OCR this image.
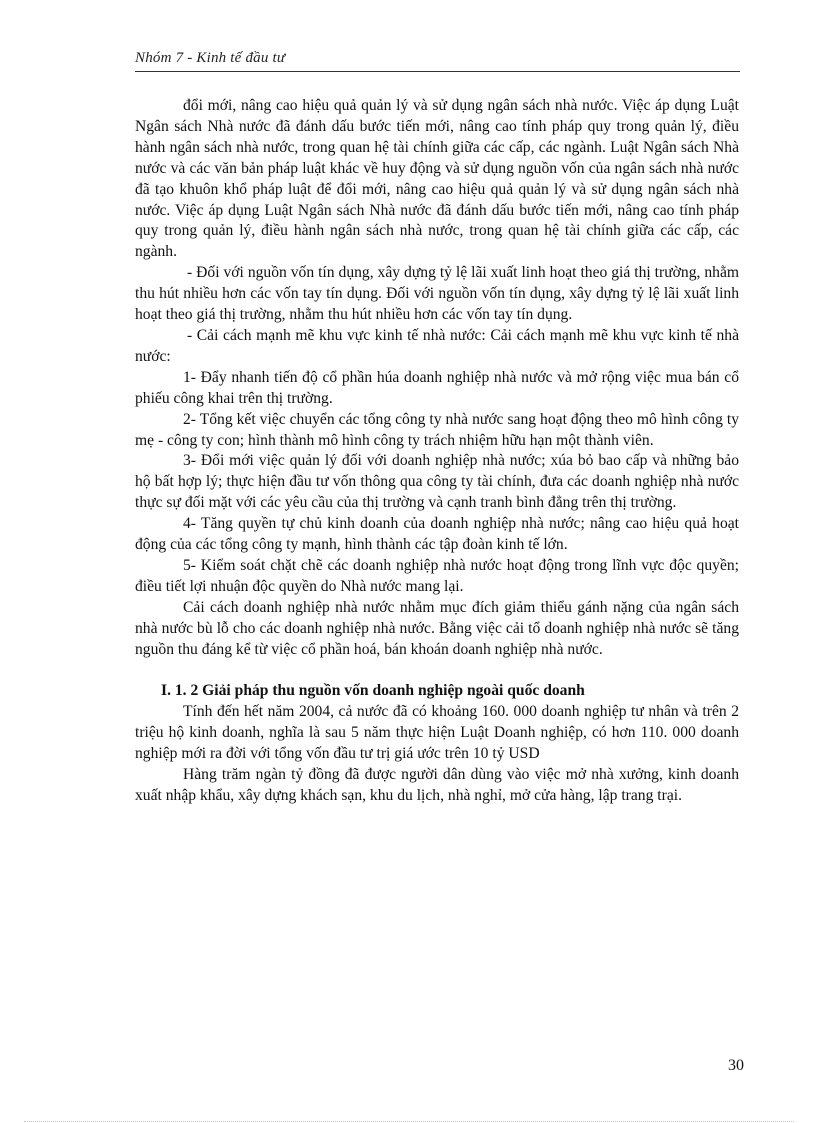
Nhóm 7 - Kinh tế đầu tư

đổi mới, nâng cao hiệu quả quản lý và sử dụng ngân sách nhà nước. Việc áp dụng Luật Ngân sách Nhà nước đã đánh dấu bước tiến mới, nâng cao tính pháp quy trong quản lý, điều hành ngân sách nhà nước, trong quan hệ tài chính giữa các cấp, các ngành. Luật Ngân sách Nhà nước và các văn bản pháp luật khác về huy động và sử dụng nguồn vốn của ngân sách nhà nước đã tạo khuôn khổ pháp luật để đổi mới, nâng cao hiệu quả quản lý và sử dụng ngân sách nhà nước. Việc áp dụng Luật Ngân sách Nhà nước đã đánh dấu bước tiến mới, nâng cao tính pháp quy trong quản lý, điều hành ngân sách nhà nước, trong quan hệ tài chính giữa các cấp, các ngành.

- Đối với nguồn vốn tín dụng, xây dựng tỷ lệ lãi xuất linh hoạt theo giá thị trường, nhằm thu hút nhiều hơn các vốn tay tín dụng. Đối với nguồn vốn tín dụng, xây dựng tỷ lệ lãi xuất linh hoạt theo giá thị trường, nhằm thu hút nhiều hơn các vốn tay tín dụng.

- Cải cách mạnh mẽ khu vực kinh tế nhà nước: Cải cách mạnh mẽ khu vực kinh tế nhà nước:

1- Đẩy nhanh tiến độ cổ phần húa doanh nghiệp nhà nước và mở rộng việc mua bán cổ phiếu công khai trên thị trường.

2- Tổng kết việc chuyển các tổng công ty nhà nước sang hoạt động theo mô hình công ty mẹ - công ty con; hình thành mô hình công ty trách nhiệm hữu hạn một thành viên.

3- Đổi mới việc quản lý đối với doanh nghiệp nhà nước; xúa bỏ bao cấp và những bảo hộ bất hợp lý; thực hiện đầu tư vốn thông qua công ty tài chính, đưa các doanh nghiệp nhà nước thực sự đối mặt với các yêu cầu của thị trường và cạnh tranh bình đẳng trên thị trường.

4- Tăng quyền tự chủ kinh doanh của doanh nghiệp nhà nước; nâng cao hiệu quả hoạt động của các tổng công ty mạnh, hình thành các tập đoàn kinh tế lớn.

5- Kiểm soát chặt chẽ các doanh nghiệp nhà nước hoạt động trong lĩnh vực độc quyền; điều tiết lợi nhuận độc quyền do Nhà nước mang lại.

Cải cách doanh nghiệp nhà nước nhằm mục đích giảm thiểu gánh nặng của ngân sách nhà nước bù lỗ cho các doanh nghiệp nhà nước. Bằng việc cải tổ doanh nghiệp nhà nước sẽ tăng nguồn thu đáng kể từ việc cổ phần hoá, bán khoán doanh nghiệp nhà nước.

I. 1. 2 Giải pháp thu nguồn vốn doanh nghiệp ngoài quốc doanh

Tính đến hết năm 2004, cả nước đã có khoảng 160. 000 doanh nghiệp tư nhân và trên 2 triệu hộ kinh doanh, nghĩa là sau 5 năm thực hiện Luật Doanh nghiệp, có hơn 110. 000 doanh nghiệp mới ra đời với tổng vốn đầu tư trị giá ước trên 10 tỷ USD

Hàng trăm ngàn tỷ đồng đã được người dân dùng vào việc mở nhà xưởng, kinh doanh xuất nhập khẩu, xây dựng khách sạn, khu du lịch, nhà nghỉ, mở cửa hàng, lập trang trại.

30
